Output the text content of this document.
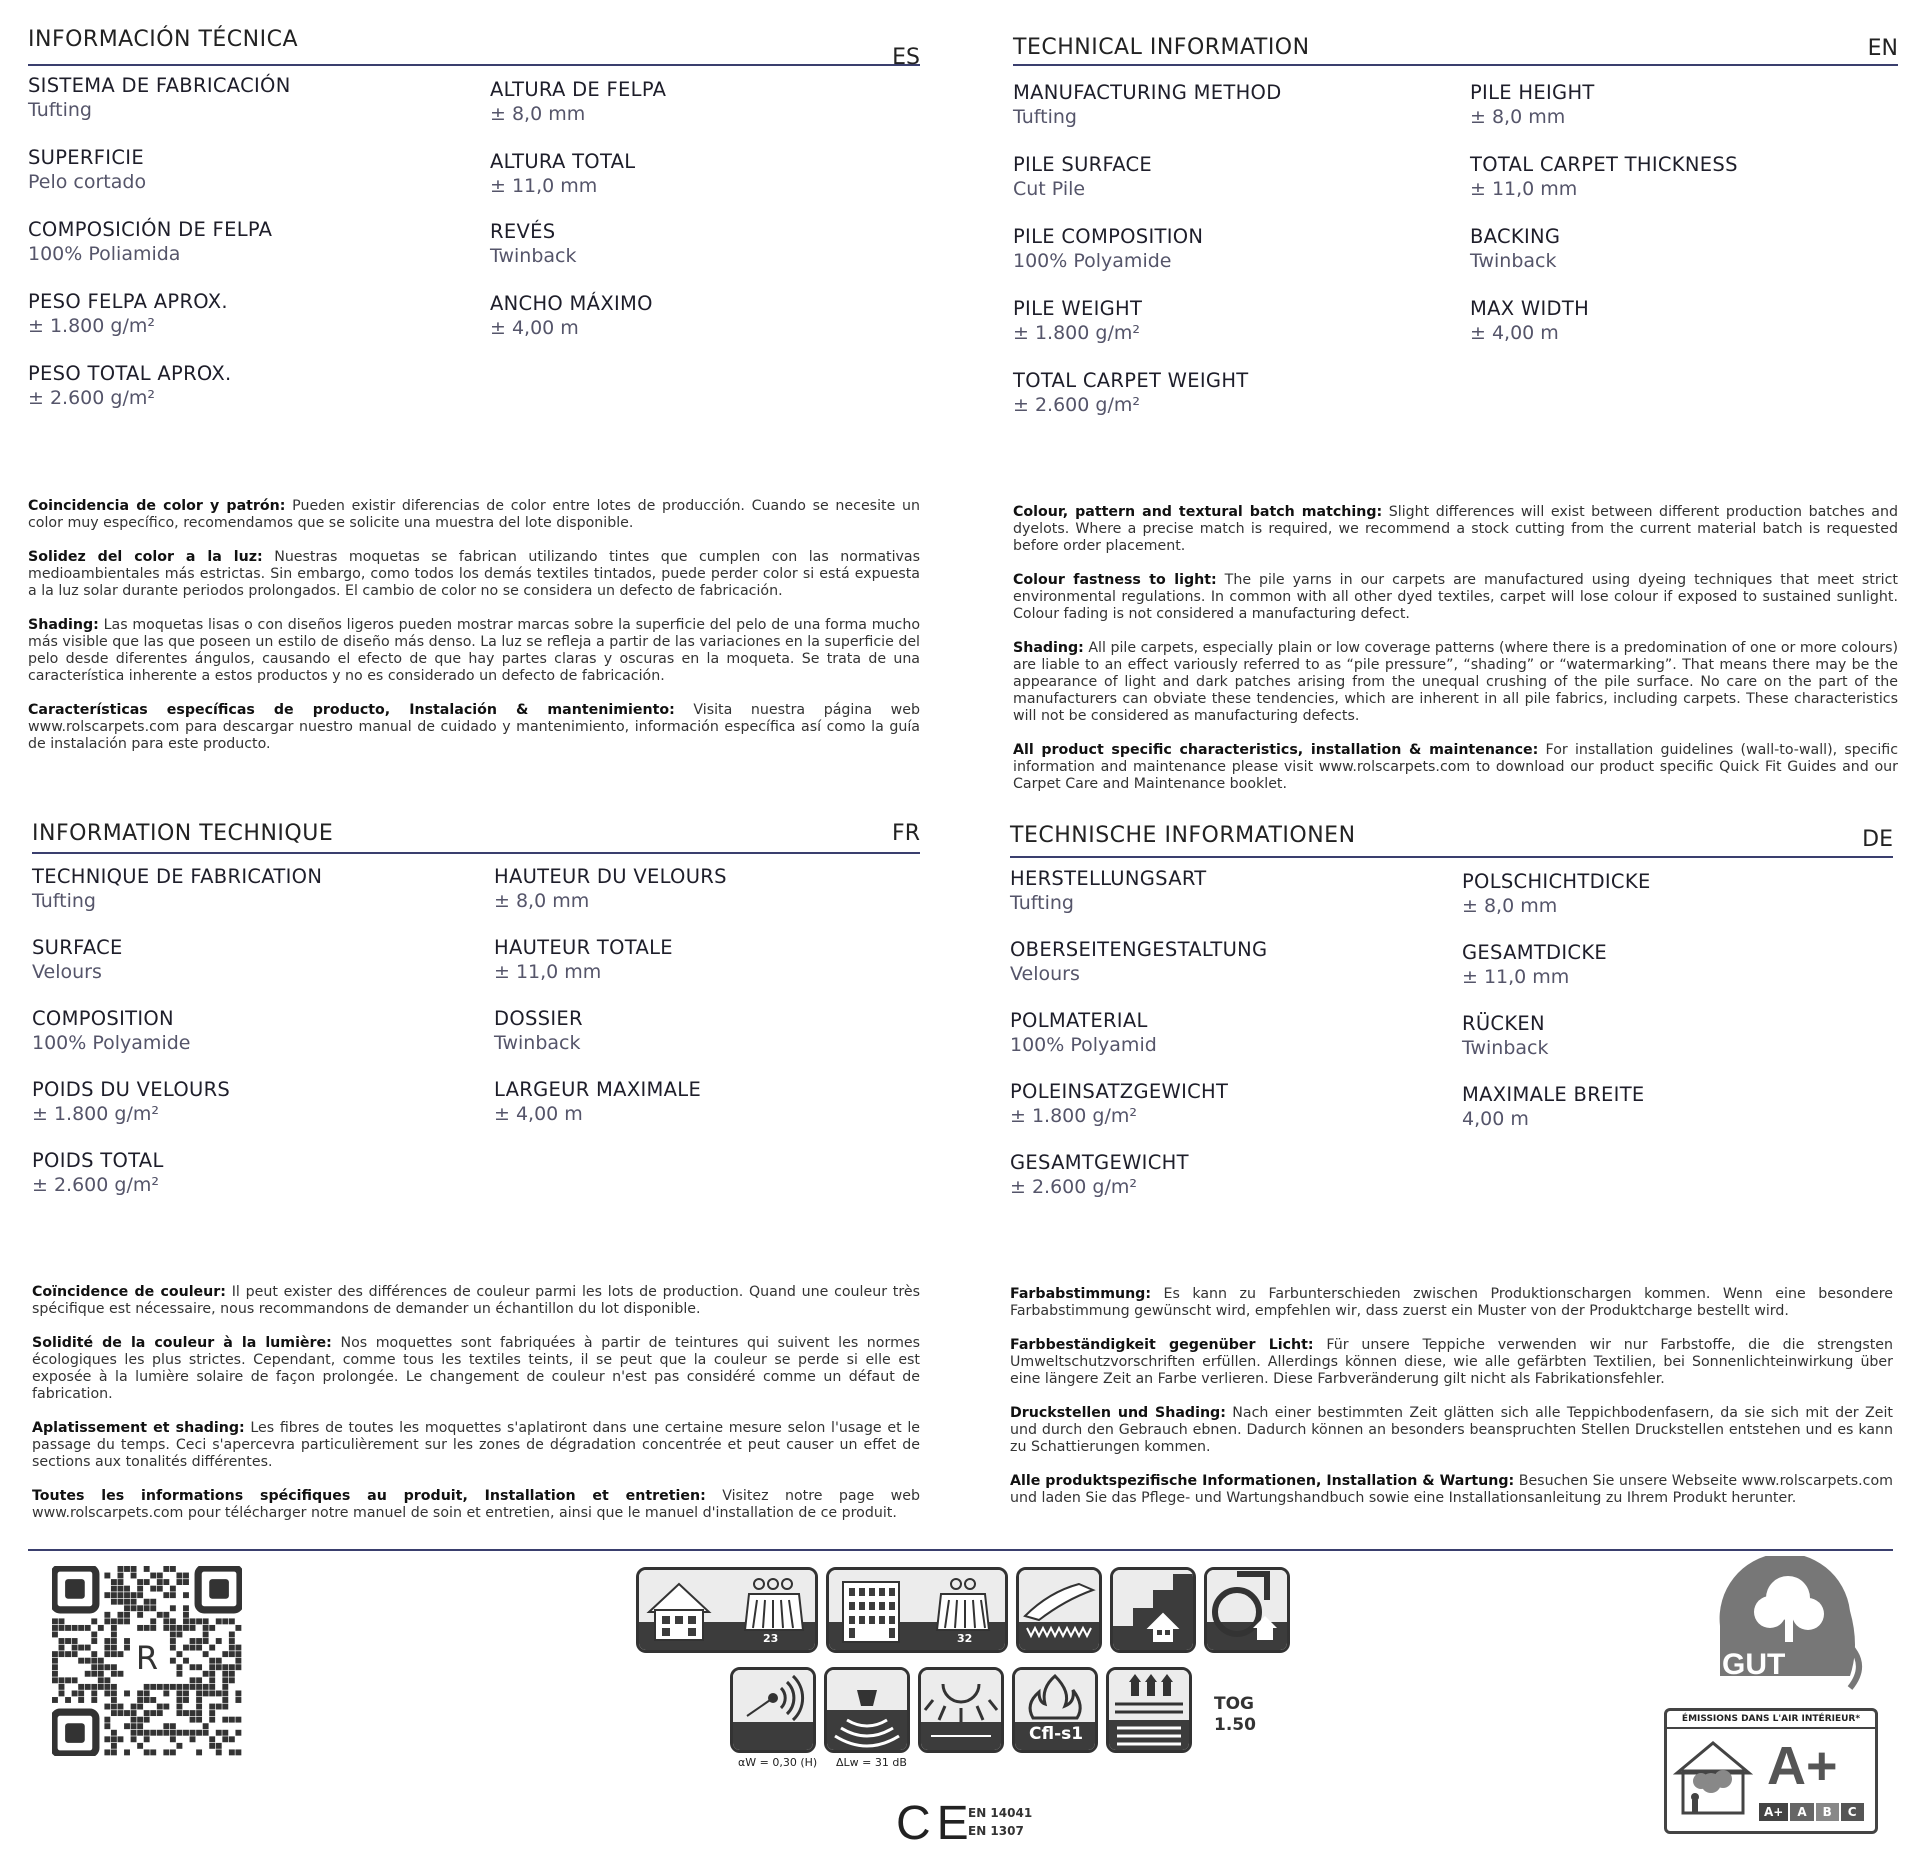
INFORMACIÓN TÉCNICA
ES
SISTEMA DE FABRICACIÓN
Tufting
SUPERFICIE
Pelo cortado
COMPOSICIÓN DE FELPA
100% Poliamida
PESO FELPA APROX.
± 1.800 g/m²
PESO TOTAL APROX.
± 2.600 g/m²
ALTURA DE FELPA
± 8,0 mm
ALTURA TOTAL
± 11,0 mm
REVÉS
Twinback
ANCHO MÁXIMO
± 4,00 m

Coincidencia de color y patrón: Pueden existir diferencias de color entre lotes de producción. Cuando se necesite un color muy específico, recomendamos que se solicite una muestra del lote disponible.

Solidez del color a la luz: Nuestras moquetas se fabrican utilizando tintes que cumplen con las normativas medioambientales más estrictas. Sin embargo, como todos los demás textiles tintados, puede perder color si está expuesta a la luz solar durante periodos prolongados. El cambio de color no se considera un defecto de fabricación.

Shading: Las moquetas lisas o con diseños ligeros pueden mostrar marcas sobre la superficie del pelo de una forma mucho más visible que las que poseen un estilo de diseño más denso. La luz se refleja a partir de las variaciones en la superficie del pelo desde diferentes ángulos, causando el efecto de que hay partes claras y oscuras en la moqueta. Se trata de una característica inherente a estos productos y no es considerado un defecto de fabricación.

Características específicas de producto, Instalación & mantenimiento: Visita nuestra página web www.rolscarpets.com para descargar nuestro manual de cuidado y mantenimiento, información específica así como la guía de instalación para este producto.

TECHNICAL INFORMATION	EN
MANUFACTURING METHOD
Tufting
PILE SURFACE
Cut Pile
PILE COMPOSITION
100% Polyamide
PILE WEIGHT
± 1.800 g/m²
TOTAL CARPET WEIGHT
± 2.600 g/m²
PILE HEIGHT
± 8,0 mm
TOTAL CARPET THICKNESS
± 11,0 mm
BACKING
Twinback
MAX WIDTH
± 4,00 m

Colour, pattern and textural batch matching: Slight differences will exist between different production batches and dyelots. Where a precise match is required, we recommend a stock cutting from the current material batch is requested before order placement.

Colour fastness to light: The pile yarns in our carpets are manufactured using dyeing techniques that meet strict environmental regulations. In common with all other dyed textiles, carpet will lose colour if exposed to sustained sunlight. Colour fading is not considered a manufacturing defect.

Shading: All pile carpets, especially plain or low coverage patterns (where there is a predomination of one or more colours) are liable to an effect variously referred to as “pile pressure”, “shading” or “watermarking”. That means there may be the appearance of light and dark patches arising from the unequal crushing of the pile surface. No care on the part of the manufacturers can obviate these tendencies, which are inherent in all pile fabrics, including carpets. These characteristics will not be considered as manufacturing defects.

All product specific characteristics, installation & maintenance: For installation guidelines (wall-to-wall), specific information and maintenance please visit www.rolscarpets.com to download our product specific Quick Fit Guides and our Carpet Care and Maintenance booklet.

INFORMATION TECHNIQUE	FR
TECHNIQUE DE FABRICATION
Tufting
SURFACE
Velours
COMPOSITION
100% Polyamide
POIDS DU VELOURS
± 1.800 g/m²
POIDS TOTAL
± 2.600 g/m²
HAUTEUR DU VELOURS
± 8,0 mm
HAUTEUR TOTALE
± 11,0 mm
DOSSIER
Twinback
LARGEUR MAXIMALE
± 4,00 m

Coïncidence de couleur: Il peut exister des différences de couleur parmi les lots de production. Quand une couleur très spécifique est nécessaire, nous recommandons de demander un échantillon du lot disponible.

Solidité de la couleur à la lumière: Nos moquettes sont fabriquées à partir de teintures qui suivent les normes écologiques les plus strictes. Cependant, comme tous les textiles teints, il se peut que la couleur se perde si elle est exposée à la lumière solaire de façon prolongée. Le changement de couleur n'est pas considéré comme un défaut de fabrication.

Aplatissement et shading: Les fibres de toutes les moquettes s'aplatiront dans une certaine mesure selon l'usage et le passage du temps. Ceci s'apercevra particulièrement sur les zones de dégradation concentrée et peut causer un effet de sections aux tonalités différentes.

Toutes les informations spécifiques au produit, Installation et entretien: Visitez notre page web www.rolscarpets.com pour télécharger notre manuel de soin et entretien, ainsi que le manuel d'installation de ce produit.

TECHNISCHE INFORMATIONEN	DE
HERSTELLUNGSART
Tufting
OBERSEITENGESTALTUNG
Velours
POLMATERIAL
100% Polyamid
POLEINSATZGEWICHT
± 1.800 g/m²
GESAMTGEWICHT
± 2.600 g/m²
POLSCHICHTDICKE
± 8,0 mm
GESAMTDICKE
± 11,0 mm
RÜCKEN
Twinback
MAXIMALE BREITE
4,00 m

Farbabstimmung: Es kann zu Farbunterschieden zwischen Produktionschargen kommen. Wenn eine besondere Farbabstimmung gewünscht wird, empfehlen wir, dass zuerst ein Muster von der Produktcharge bestellt wird.

Farbbeständigkeit gegenüber Licht: Für unsere Teppiche verwenden wir nur Farbstoffe, die die strengsten Umweltschutzvorschriften erfüllen. Allerdings können diese, wie alle gefärbten Textilien, bei Sonnenlichteinwirkung über eine längere Zeit an Farbe verlieren. Diese Farbveränderung gilt nicht als Fabrikationsfehler.

Druckstellen und Shading: Nach einer bestimmten Zeit glätten sich alle Teppichbodenfasern, da sie sich mit der Zeit und durch den Gebrauch ebnen. Dadurch können an besonders beanspruchten Stellen Druckstellen entstehen und es kann zu Schattierungen kommen.

Alle produktspezifische Informationen, Installation & Wartung: Besuchen Sie unsere Webseite www.rolscarpets.com und laden Sie das Pflege- und Wartungshandbuch sowie eine Installationsanleitung zu Ihrem Produkt herunter.

R
23	32
αW = 0,30 (H) ΔLw = 31 dB
Cfl-s1
TOG
1.50
CE
EN 14041
EN 1307
GUT
ÉMISSIONS DANS L'AIR INTÉRIEUR*
A+
A+	A	B	C
